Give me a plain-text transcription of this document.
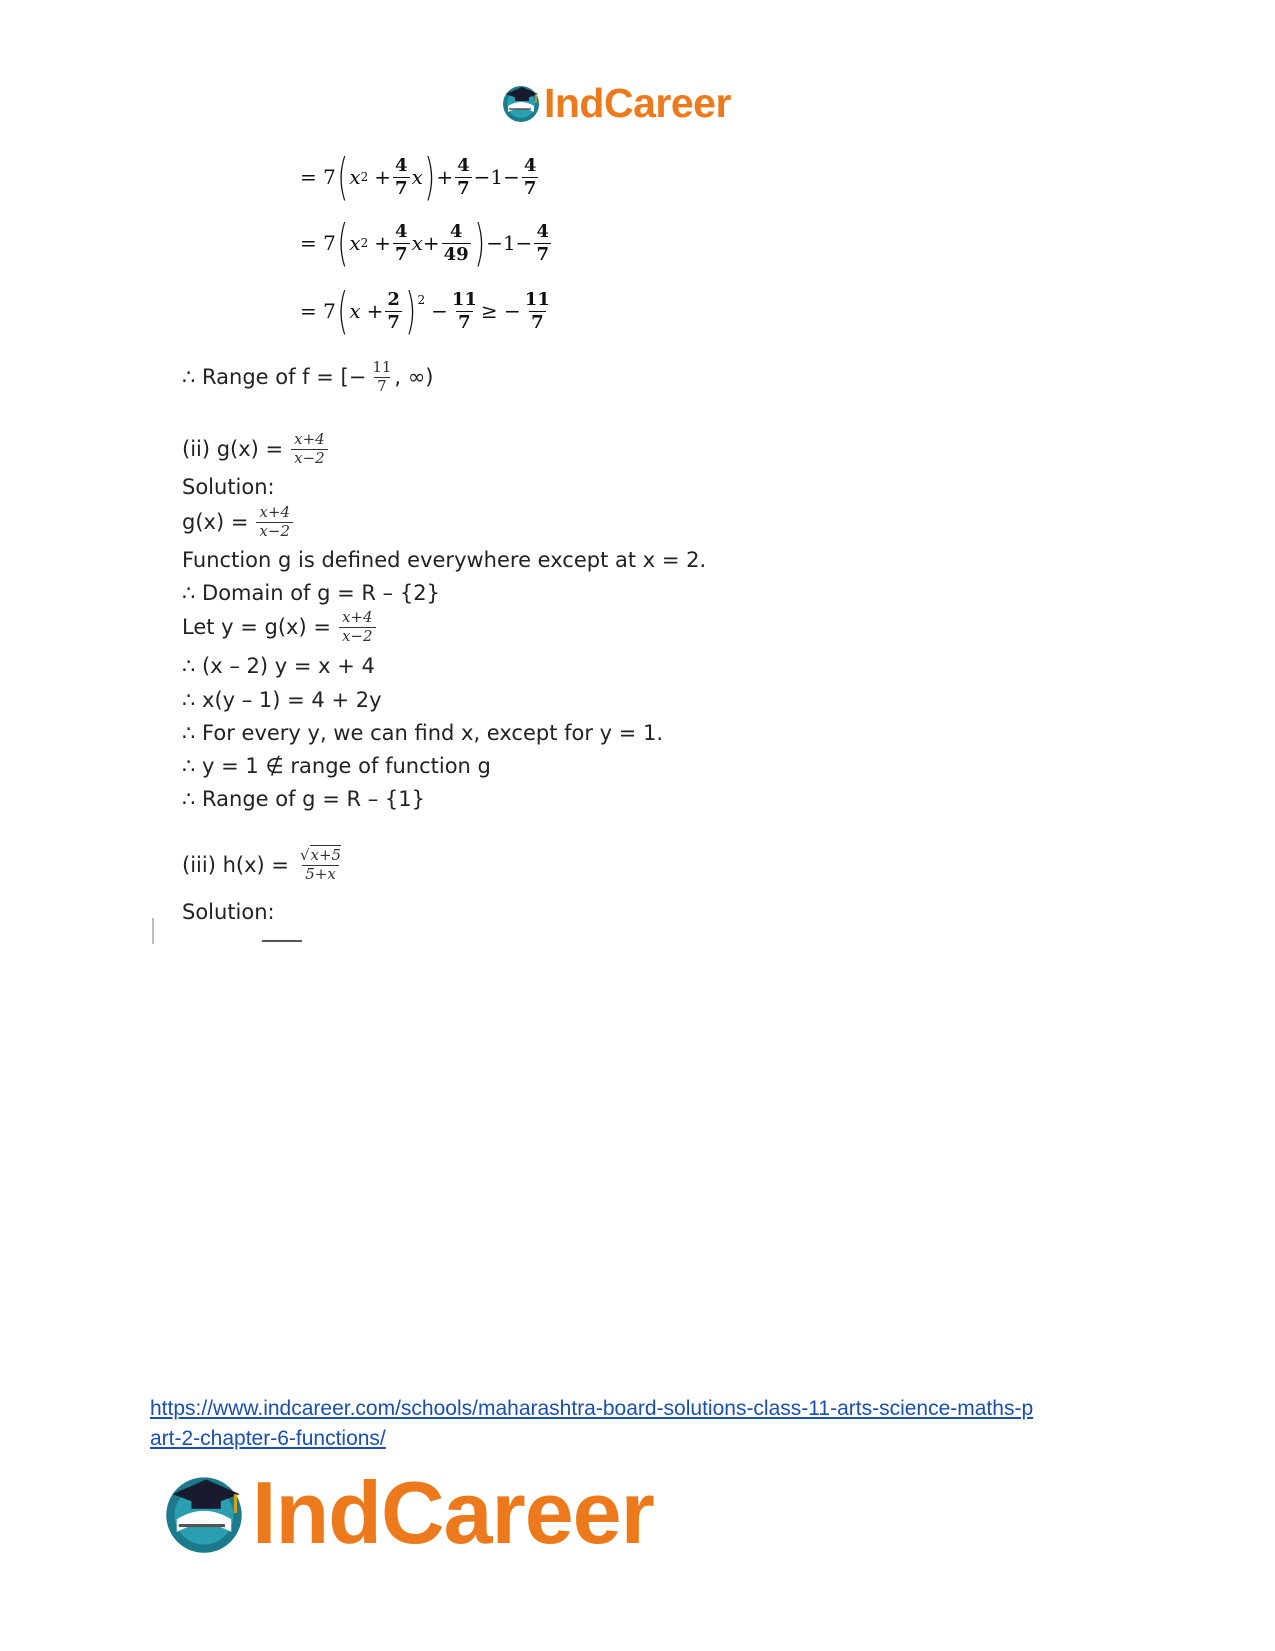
IndCareer
= 7 ( x $2 + \frac{4}{7}$ x ) + $\frac{4}{7} -1- \frac{4}{7}$
= 7 ( x $2 + \frac{4}{7}$ $x + \frac{4}{49}$ ) $-1- \frac{4}{7}$
= 7 ( $x + \frac{2}{7}$ ) $2 - \frac{11}{7}$ ≥ − $\frac{11}{7}$
∴ Range of f = [− $\frac{11}{7}$ , ∞)
(ii) $g(x) = \frac{x+4}{x-2}$
Solution:
$g(x) = \frac{x+4}{x-2}$
Function g is defined everywhere except at x = 2.
∴ Domain of g = R – {2}
Let $y = g(x) = \frac{x+4}{x-2}$
∴ (x – 2) y = x + 4
∴ x(y – 1) = 4 + 2y
∴ For every y, we can find x, except for y = 1.
∴ y = 1 ∉ range of function g
∴ Range of g = R – {1}
(iii) $h(x) = \frac{√x+5}{5+x}$
Solution:
https://www.indcareer.com/schools/maharashtra-board-solutions-class-11-arts-science-maths-p
art-2-chapter-6-functions/
IndCareer
